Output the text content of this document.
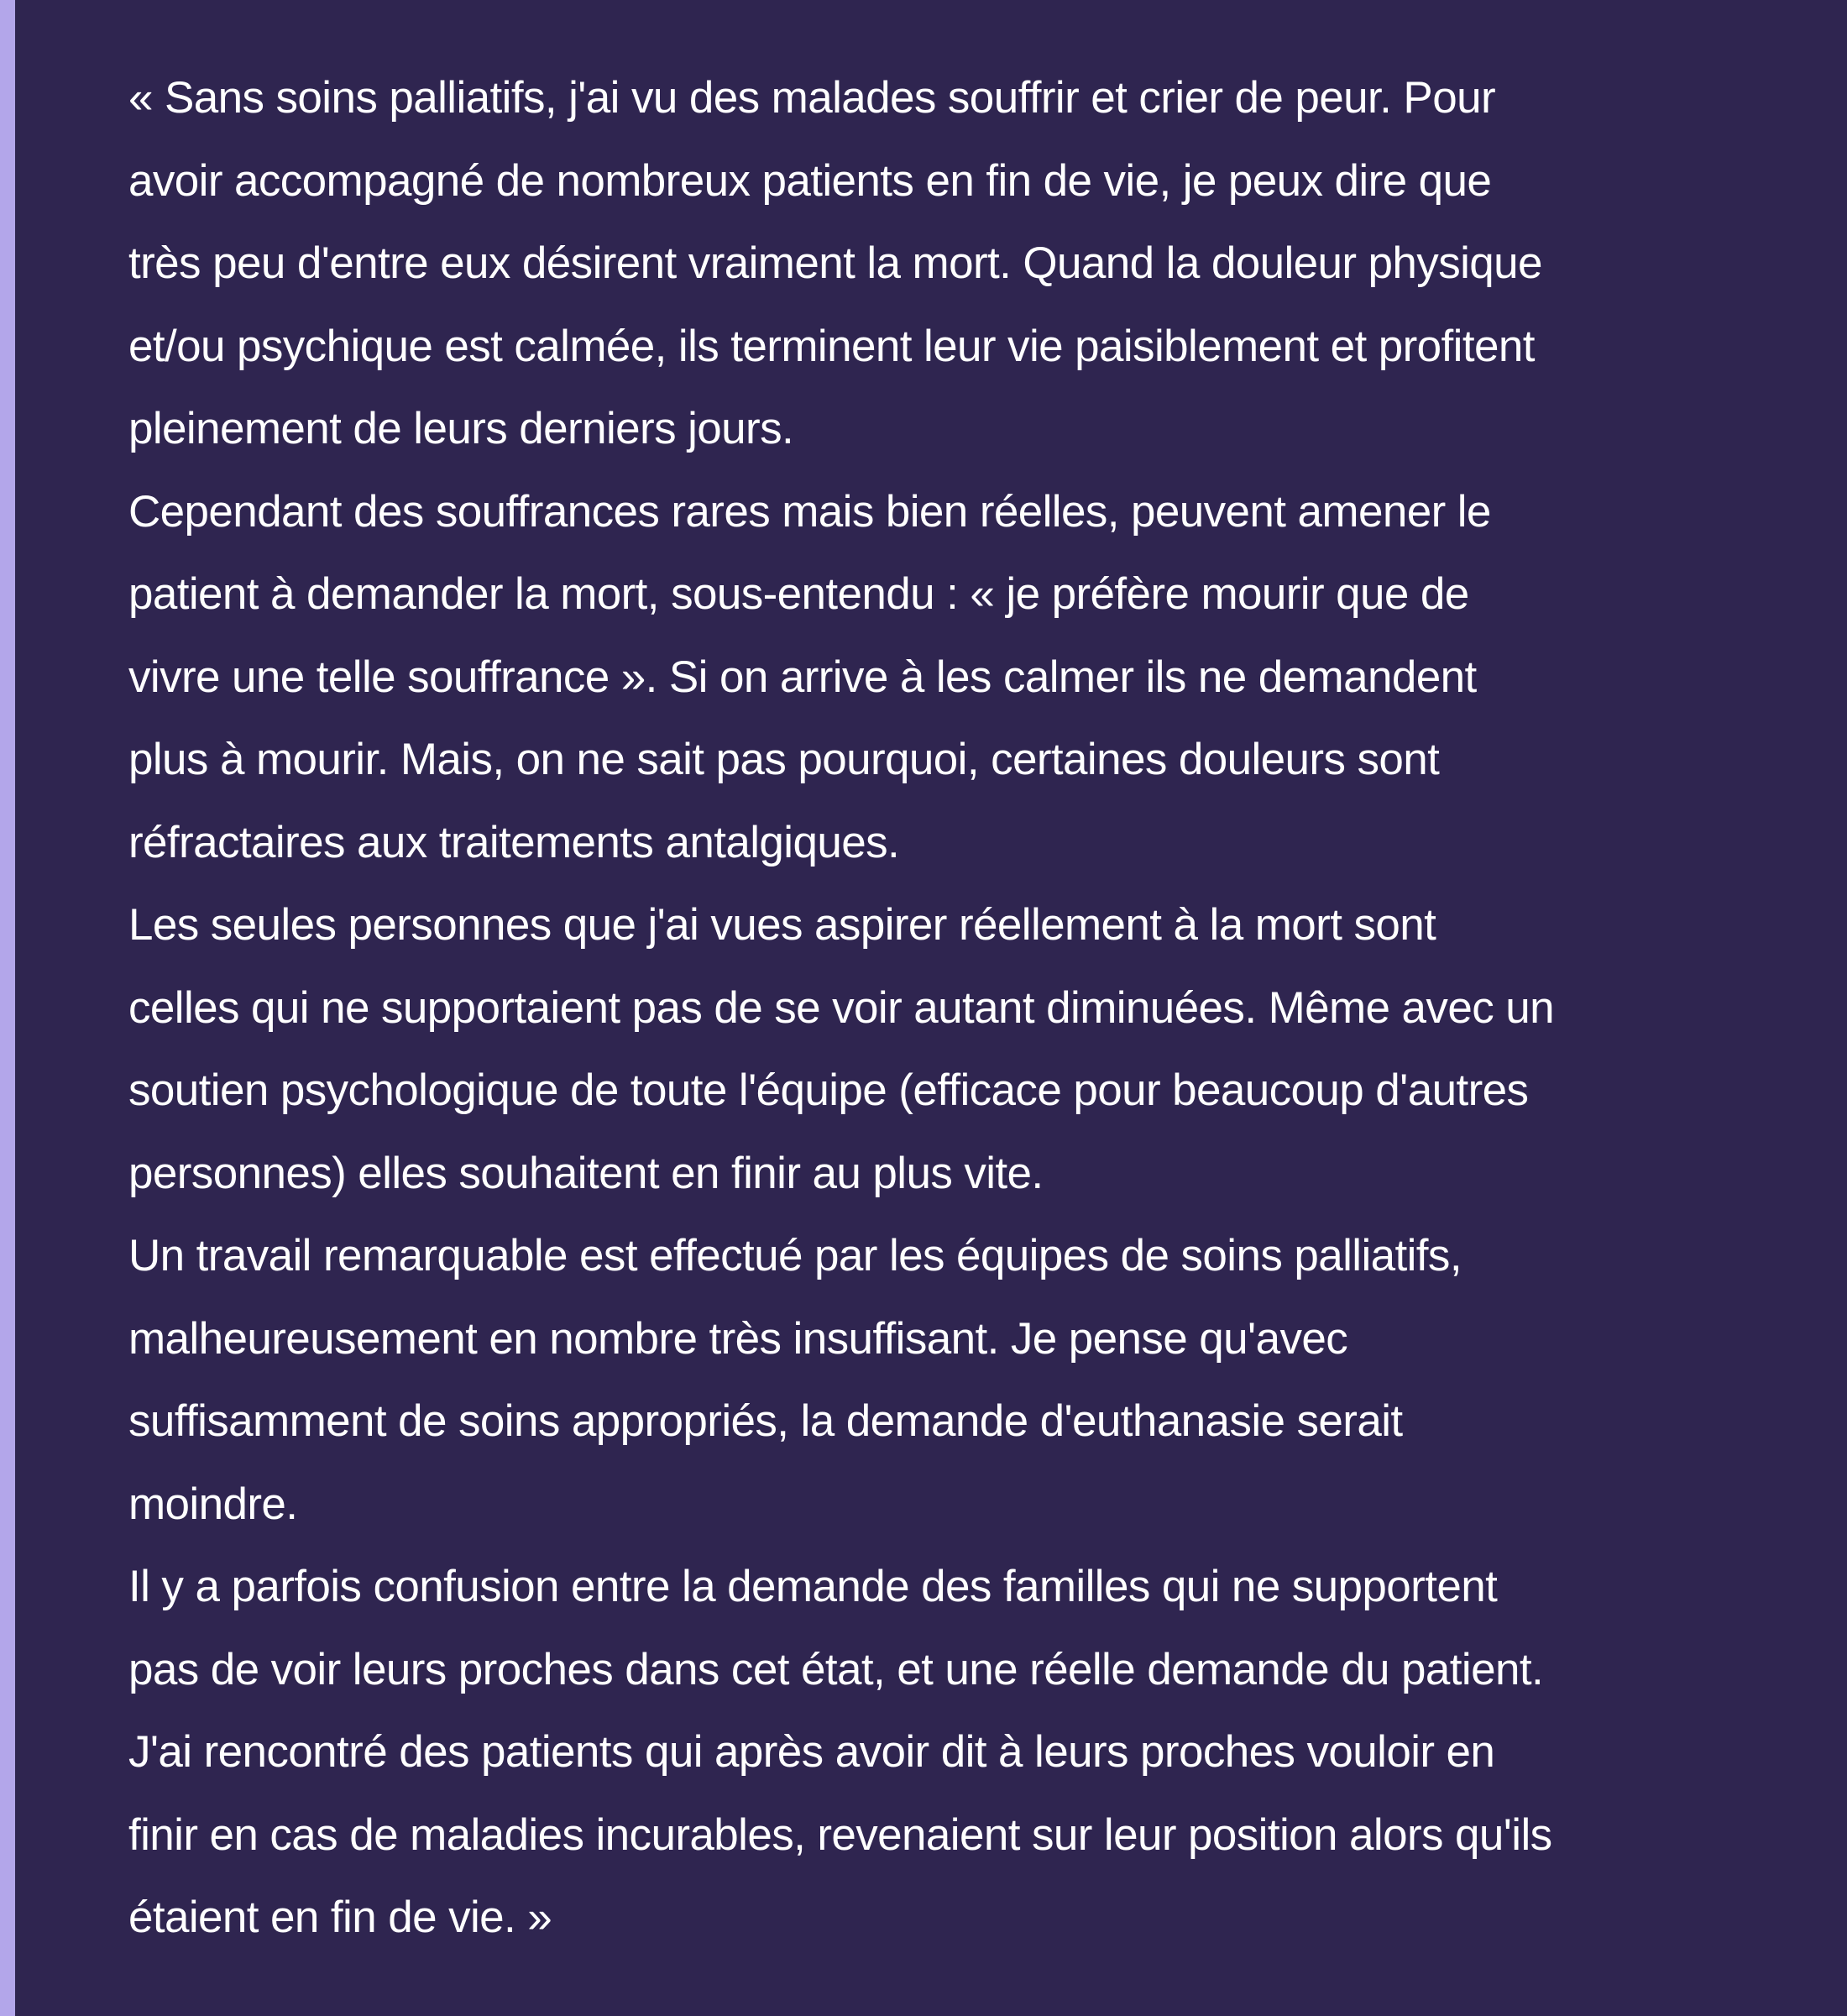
« Sans soins palliatifs, j'ai vu des malades souffrir et crier de peur. Pour
avoir accompagné de nombreux patients en fin de vie, je peux dire que
très peu d'entre eux désirent vraiment la mort. Quand la douleur physique
et/ou psychique est calmée, ils terminent leur vie paisiblement et profitent
pleinement de leurs derniers jours.

Cependant des souffrances rares mais bien réelles, peuvent amener le
patient à demander la mort, sous-entendu : « je préfère mourir que de
vivre une telle souffrance ». Si on arrive à les calmer ils ne demandent
plus à mourir. Mais, on ne sait pas pourquoi, certaines douleurs sont
réfractaires aux traitements antalgiques.

Les seules personnes que j'ai vues aspirer réellement à la mort sont
celles qui ne supportaient pas de se voir autant diminuées. Même avec un
soutien psychologique de toute l'équipe (efficace pour beaucoup d'autres
personnes) elles souhaitent en finir au plus vite.

Un travail remarquable est effectué par les équipes de soins palliatifs,
malheureusement en nombre très insuffisant. Je pense qu'avec
suffisamment de soins appropriés, la demande d'euthanasie serait
moindre.

Il y a parfois confusion entre la demande des familles qui ne supportent
pas de voir leurs proches dans cet état, et une réelle demande du patient.
J'ai rencontré des patients qui après avoir dit à leurs proches vouloir en
finir en cas de maladies incurables, revenaient sur leur position alors qu'ils
étaient en fin de vie. »
